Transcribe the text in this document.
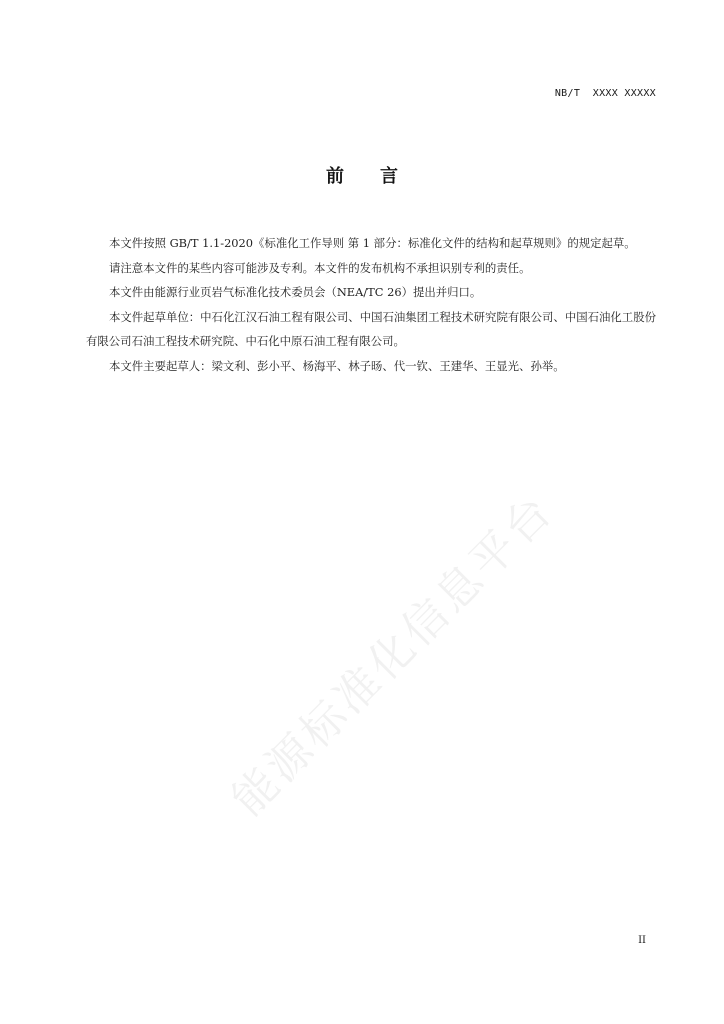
NB/T  XXXX XXXXX
前言

本文件按照 GB/T 1.1-2020《标准化工作导则 第 1 部分：标准化文件的结构和起草规则》的规定起草。

请注意本文件的某些内容可能涉及专利。本文件的发布机构不承担识别专利的责任。

本文件由能源行业页岩气标准化技术委员会（NEA/TC 26）提出并归口。

本文件起草单位：中石化江汉石油工程有限公司、中国石油集团工程技术研究院有限公司、中国石油化工股份有限公司石油工程技术研究院、中石化中原石油工程有限公司。

本文件主要起草人：梁文利、彭小平、杨海平、林子旸、代一钦、王建华、王显光、孙举。

能源标准化信息平台
II
